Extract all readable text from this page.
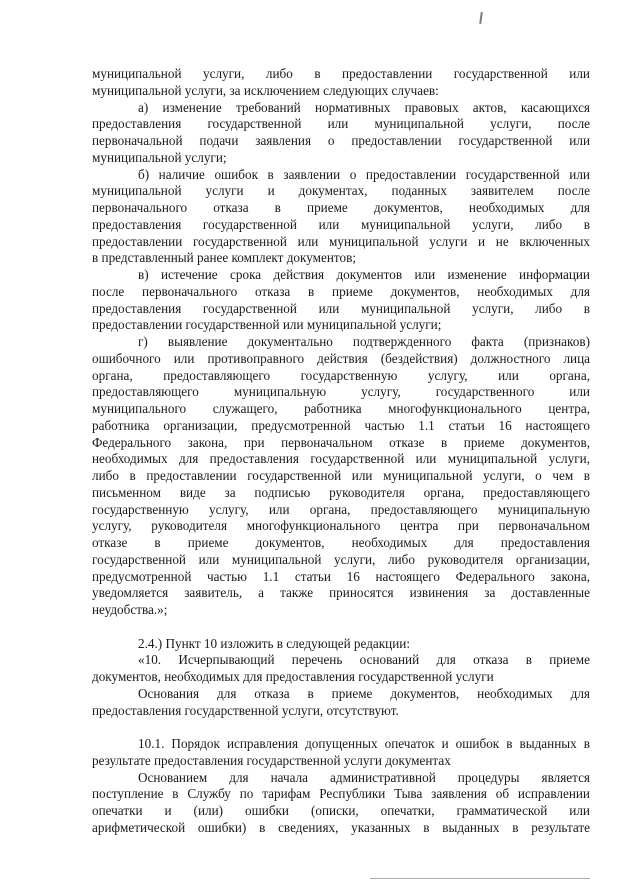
муниципальной услуги, либо в предоставлении государственной или
муниципальной услуги, за исключением следующих случаев:
а) изменение требований нормативных правовых актов, касающихся
предоставления государственной или муниципальной услуги, после
первоначальной подачи заявления о предоставлении государственной или
муниципальной услуги;
б) наличие ошибок в заявлении о предоставлении государственной или
муниципальной услуги и документах, поданных заявителем после
первоначального отказа в приеме документов, необходимых для
предоставления государственной или муниципальной услуги, либо в
предоставлении государственной или муниципальной услуги и не включенных
в представленный ранее комплект документов;
в) истечение срока действия документов или изменение информации
после первоначального отказа в приеме документов, необходимых для
предоставления государственной или муниципальной услуги, либо в
предоставлении государственной или муниципальной услуги;
г) выявление документально подтвержденного факта (признаков)
ошибочного или противоправного действия (бездействия) должностного лица
органа, предоставляющего государственную услугу, или органа,
предоставляющего муниципальную услугу, государственного или
муниципального служащего, работника многофункционального центра,
работника организации, предусмотренной частью 1.1 статьи 16 настоящего
Федерального закона, при первоначальном отказе в приеме документов,
необходимых для предоставления государственной или муниципальной услуги,
либо в предоставлении государственной или муниципальной услуги, о чем в
письменном виде за подписью руководителя органа, предоставляющего
государственную услугу, или органа, предоставляющего муниципальную
услугу, руководителя многофункционального центра при первоначальном
отказе в приеме документов, необходимых для предоставления
государственной или муниципальной услуги, либо руководителя организации,
предусмотренной частью 1.1 статьи 16 настоящего Федерального закона,
уведомляется заявитель, а также приносятся извинения за доставленные
неудобства.»;
2.4.) Пункт 10 изложить в следующей редакции:
«10. Исчерпывающий перечень оснований для отказа в приеме
документов, необходимых для предоставления государственной услуги
Основания для отказа в приеме документов, необходимых для
предоставления государственной услуги, отсутствуют.
10.1. Порядок исправления допущенных опечаток и ошибок в выданных в
результате предоставления государственной услуги документах
Основанием для начала административной процедуры является
поступление в Службу по тарифам Республики Тыва заявления об исправлении
опечатки и (или) ошибки (описки, опечатки, грамматической или
арифметической ошибки) в сведениях, указанных в выданных в результате
